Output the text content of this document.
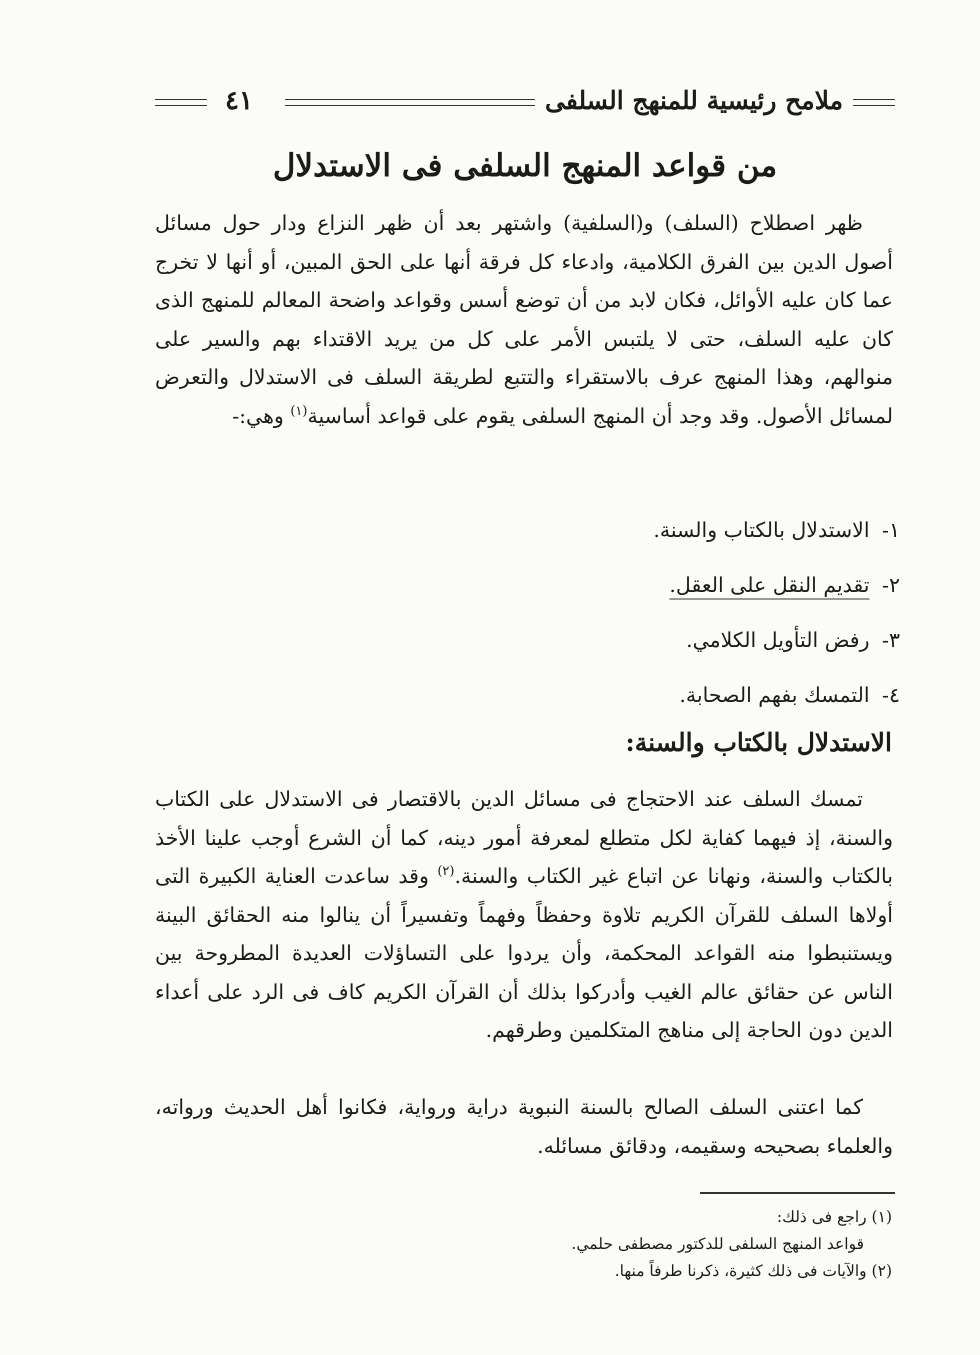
ملامح رئيسية للمنهج السلفى
٤١
من قواعد المنهج السلفى فى الاستدلال

ظهر اصطلاح (السلف) و(السلفية) واشتهر بعد أن ظهر النزاع ودار حول مسائل أصول الدين بين الفرق الكلامية، وادعاء كل فرقة أنها على الحق المبين، أو أنها لا تخرج عما كان عليه الأوائل، فكان لابد من أن توضع أسس وقواعد واضحة المعالم للمنهج الذى كان عليه السلف، حتى لا يلتبس الأمر على كل من يريد الاقتداء بهم والسير على منوالهم، وهذا المنهج عرف بالاستقراء والتتبع لطريقة السلف فى الاستدلال والتعرض لمسائل الأصول. وقد وجد أن المنهج السلفى يقوم على قواعد أساسية$^{(١)}$ وهي:-

١- الاستدلال بالكتاب والسنة.
٢- تقديم النقل على العقل.
٣- رفض التأويل الكلامي.
٤- التمسك بفهم الصحابة.
الاستدلال بالكتاب والسنة:

تمسك السلف عند الاحتجاج فى مسائل الدين بالاقتصار فى الاستدلال على الكتاب والسنة، إذ فيهما كفاية لكل متطلع لمعرفة أمور دينه، كما أن الشرع أوجب علينا الأخذ بالكتاب والسنة، ونهانا عن اتباع غير الكتاب والسنة.$^{(٢)}$ وقد ساعدت العناية الكبيرة التى أولاها السلف للقرآن الكريم تلاوة وحفظاً وفهماً وتفسيراً أن ينالوا منه الحقائق البينة ويستنبطوا منه القواعد المحكمة، وأن يردوا على التساؤلات العديدة المطروحة بين الناس عن حقائق عالم الغيب وأدركوا بذلك أن القرآن الكريم كاف فى الرد على أعداء الدين دون الحاجة إلى مناهج المتكلمين وطرقهم.

كما اعتنى السلف الصالح بالسنة النبوية دراية ورواية، فكانوا أهل الحديث ورواته، والعلماء بصحيحه وسقيمه، ودقائق مسائله.

(١) راجع فى ذلك:
قواعد المنهج السلفى للدكتور مصطفى حلمي.
(٢) والآيات فى ذلك كثيرة، ذكرنا طرفاً منها.
